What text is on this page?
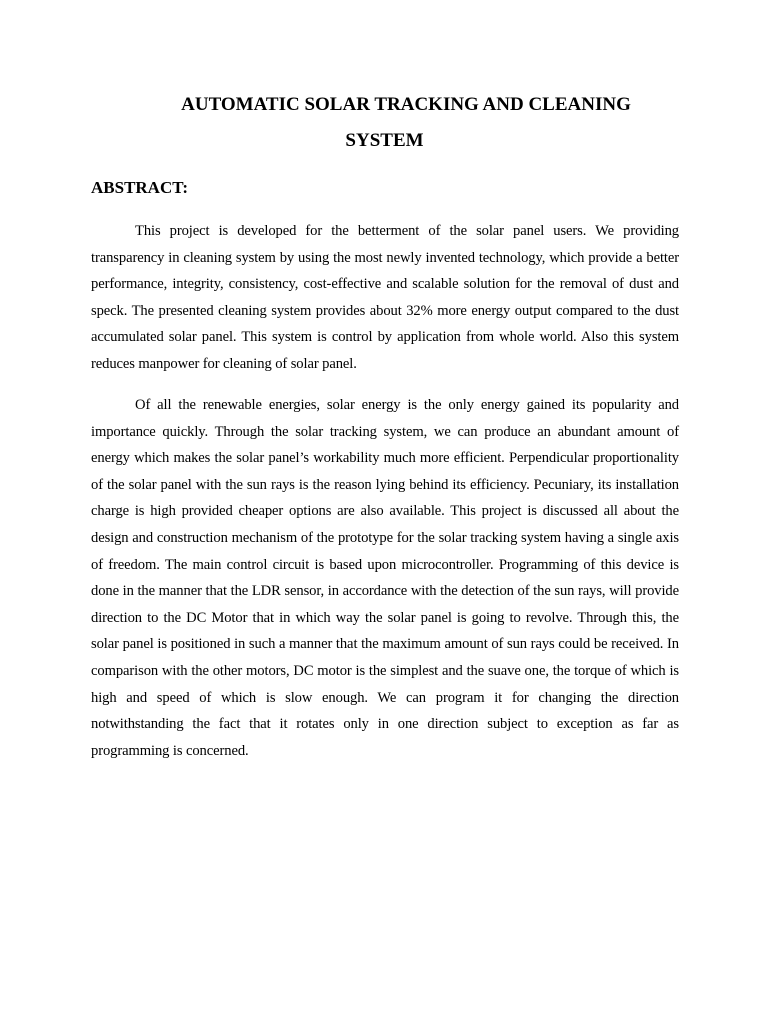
AUTOMATIC SOLAR TRACKING AND CLEANING
SYSTEM
ABSTRACT:

This project is developed for the betterment of the solar panel users. We providing transparency in cleaning system by using the most newly invented technology, which provide a better performance, integrity, consistency, cost-effective and scalable solution for the removal of dust and speck. The presented cleaning system provides about 32% more energy output compared to the dust accumulated solar panel. This system is control by application from whole world. Also this system reduces manpower for cleaning of solar panel.

Of all the renewable energies, solar energy is the only energy gained its popularity and importance quickly. Through the solar tracking system, we can produce an abundant amount of energy which makes the solar panel’s workability much more efficient. Perpendicular proportionality of the solar panel with the sun rays is the reason lying behind its efficiency. Pecuniary, its installation charge is high provided cheaper options are also available. This project is discussed all about the design and construction mechanism of the prototype for the solar tracking system having a single axis of freedom. The main control circuit is based upon microcontroller. Programming of this device is done in the manner that the LDR sensor, in accordance with the detection of the sun rays, will provide direction to the DC Motor that in which way the solar panel is going to revolve. Through this, the solar panel is positioned in such a manner that the maximum amount of sun rays could be received. In comparison with the other motors, DC motor is the simplest and the suave one, the torque of which is high and speed of which is slow enough. We can program it for changing the direction notwithstanding the fact that it rotates only in one direction subject to exception as far as programming is concerned.
